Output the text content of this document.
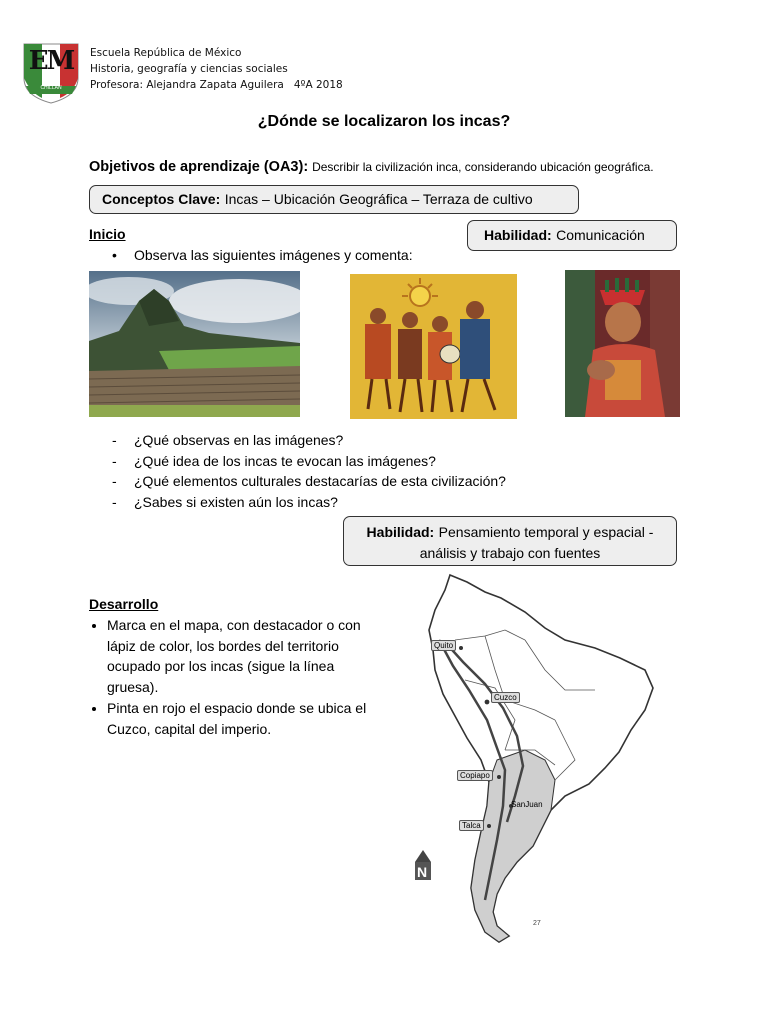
EM
CHILLAN
Escuela República de México
Historia, geografía y ciencias sociales
Profesora: Alejandra Zapata Aguilera   4ºA 2018
¿Dónde se localizaron los incas?
Objetivos de aprendizaje (OA3): Describir la civilización inca, considerando ubicación geográfica.
Conceptos Clave: Incas – Ubicación Geográfica – Terraza de cultivo
Inicio	Habilidad: Comunicación
• Observa las siguientes imágenes y comenta:
- ¿Qué observas en las imágenes?
- ¿Qué idea de los incas te evocan las imágenes?
- ¿Qué elementos culturales destacarías de esta civilización?
- ¿Sabes si existen aún los incas?
Habilidad: Pensamiento temporal y espacial -
análisis y trabajo con fuentes
Desarrollo
• Marca en el mapa, con destacador o con lápiz de color, los bordes del territorio ocupado por los incas (sigue la línea gruesa).
• Pinta en rojo el espacio donde se ubica el Cuzco, capital del imperio.
Quito
Cuzco
Copiapo
SanJuan
Talca
N
27
